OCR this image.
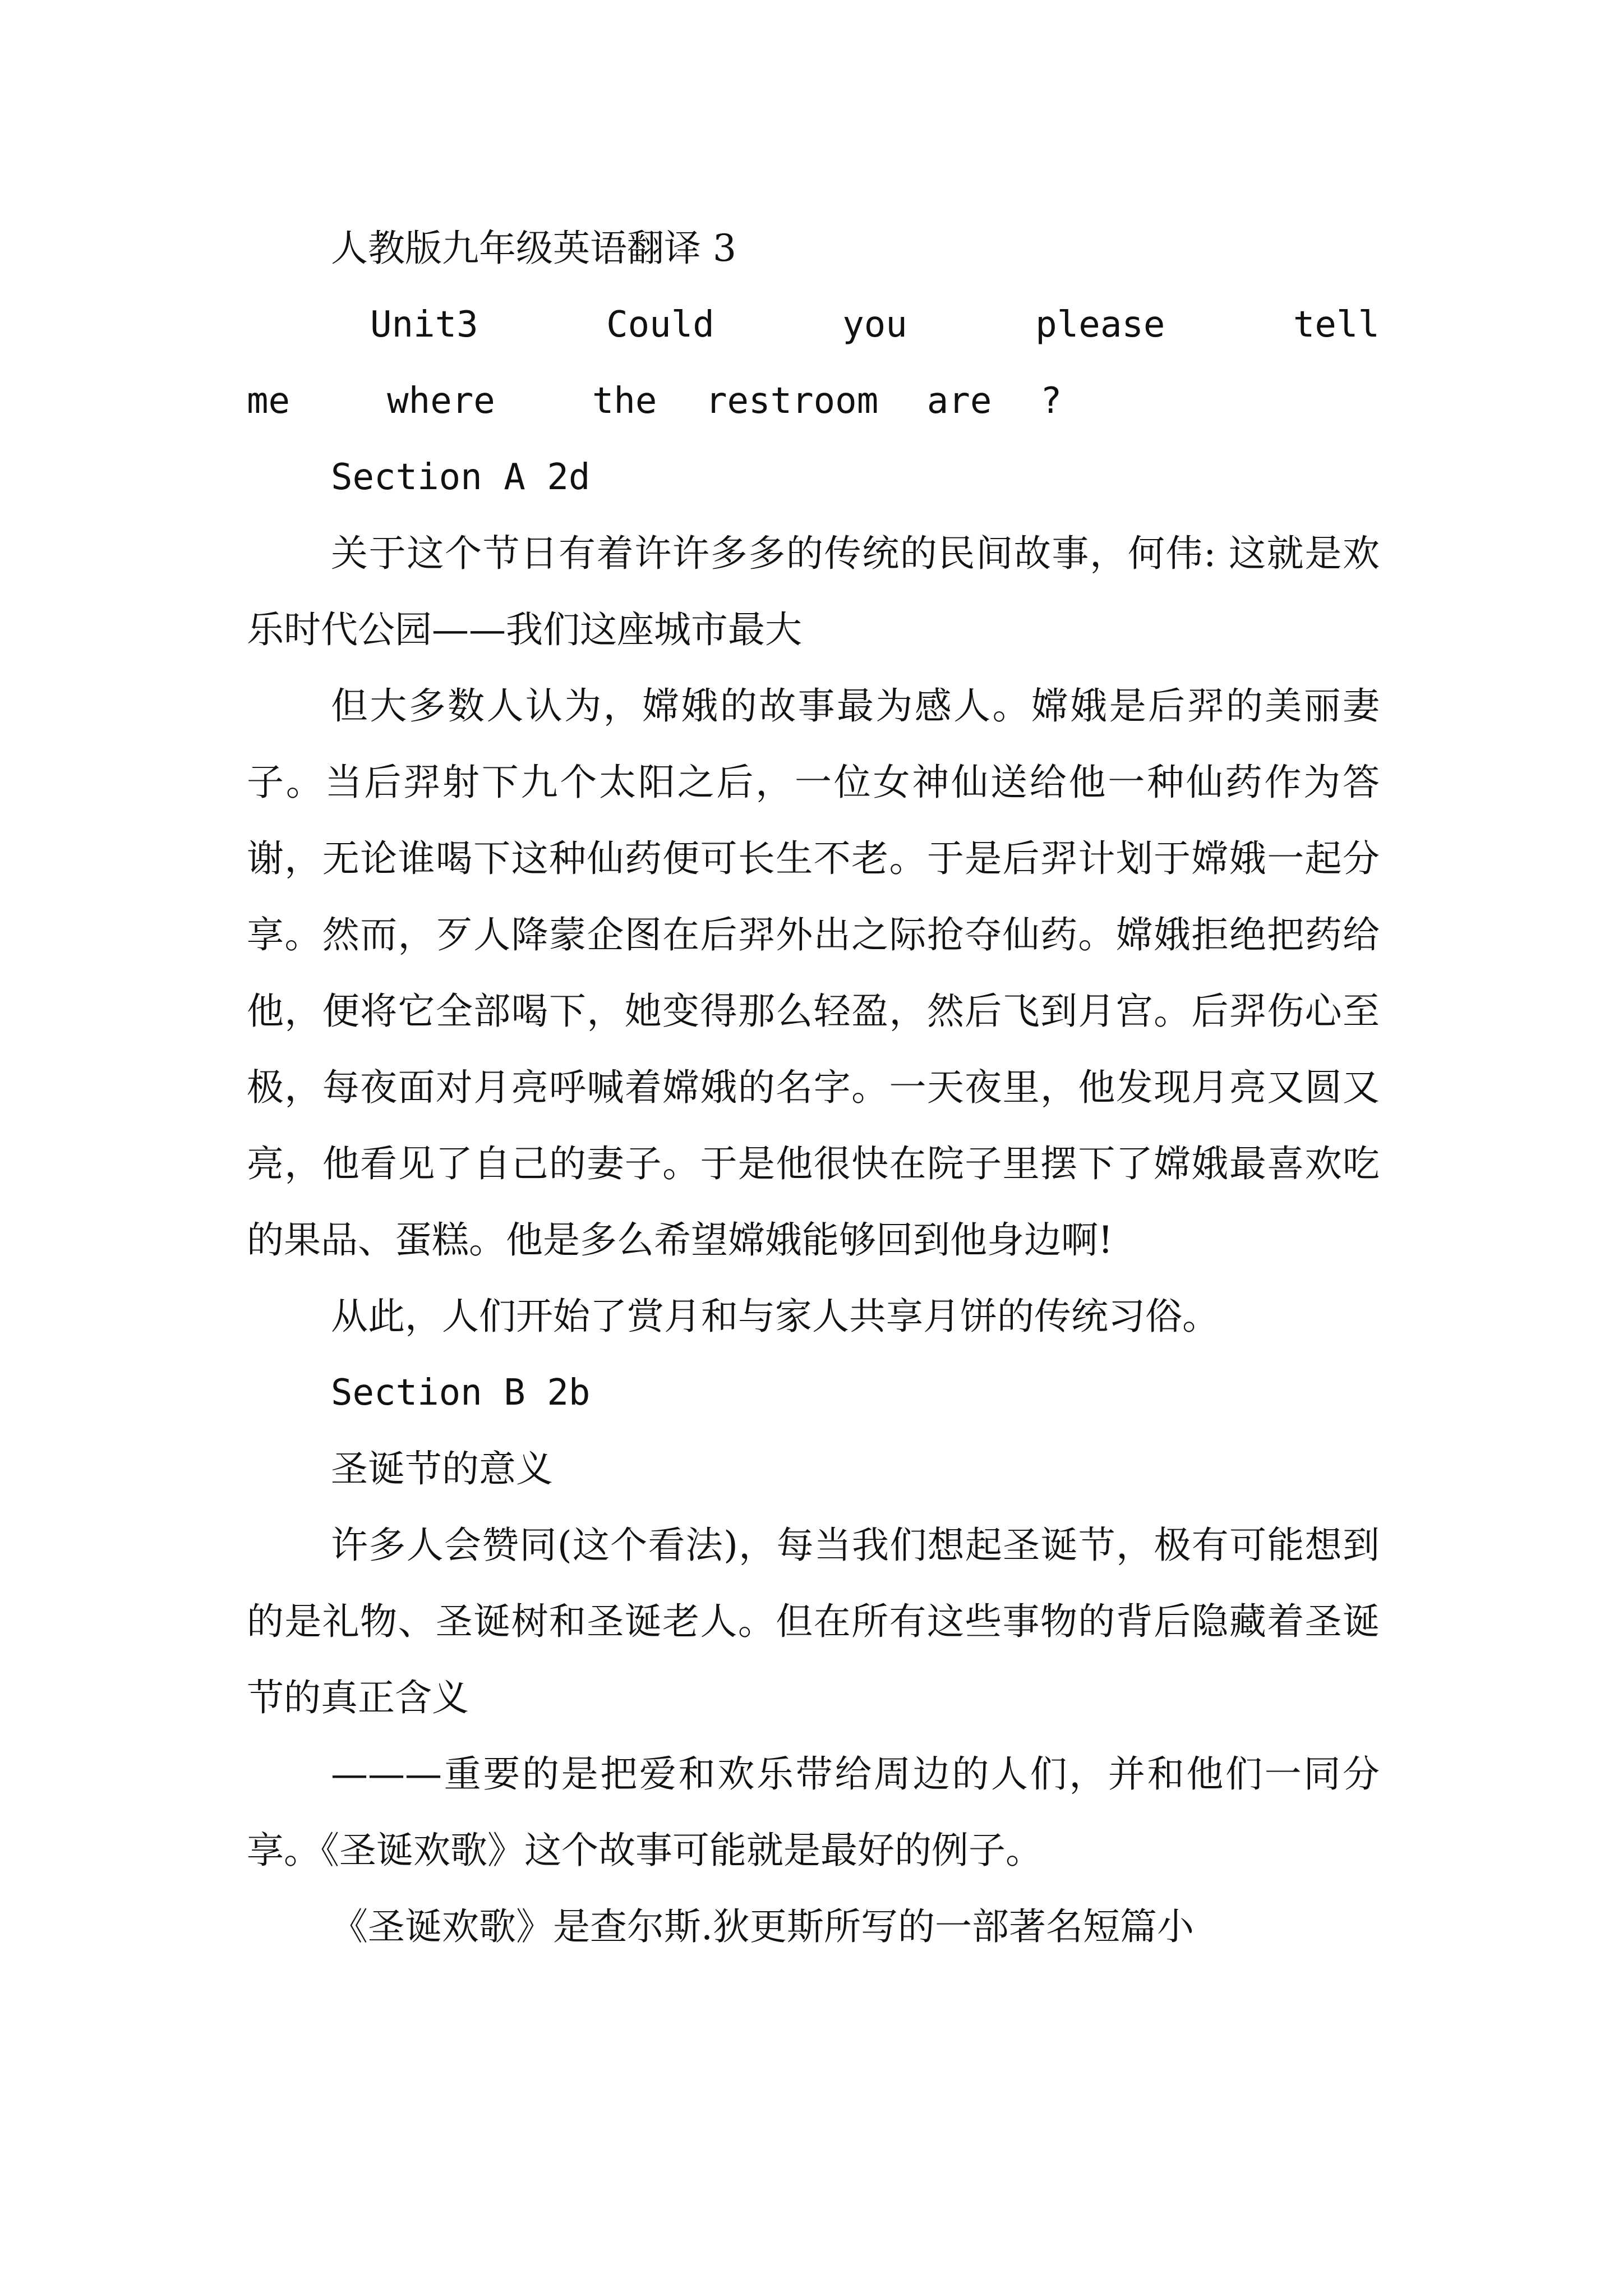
人教版九年级英语翻译 3

Unit3  Could  you  please  tell  me  where  the restroom are ?

Section A 2d

关于这个节日有着许许多多的传统的民间故事，何伟: 这就是欢乐时代公园——我们这座城市最大

但大多数人认为，嫦娥的故事最为感人。嫦娥是后羿的美丽妻子。当后羿射下九个太阳之后，一位女神仙送给他一种仙药作为答谢，无论谁喝下这种仙药便可长生不老。于是后羿计划于嫦娥一起分享。然而，歹人降蒙企图在后羿外出之际抢夺仙药。嫦娥拒绝把药给他，便将它全部喝下，她变得那么轻盈，然后飞到月宫。后羿伤心至极，每夜面对月亮呼喊着嫦娥的名字。一天夜里，他发现月亮又圆又亮，他看见了自己的妻子。于是他很快在院子里摆下了嫦娥最喜欢吃的果品、蛋糕。他是多么希望嫦娥能够回到他身边啊!

从此，人们开始了赏月和与家人共享月饼的传统习俗。

Section B 2b

圣诞节的意义

许多人会赞同(这个看法)，每当我们想起圣诞节，极有可能想到的是礼物、圣诞树和圣诞老人。但在所有这些事物的背后隐藏着圣诞节的真正含义

———重要的是把爱和欢乐带给周边的人们，并和他们一同分享。《圣诞欢歌》这个故事可能就是最好的例子。

《圣诞欢歌》是查尔斯.狄更斯所写的一部著名短篇小
